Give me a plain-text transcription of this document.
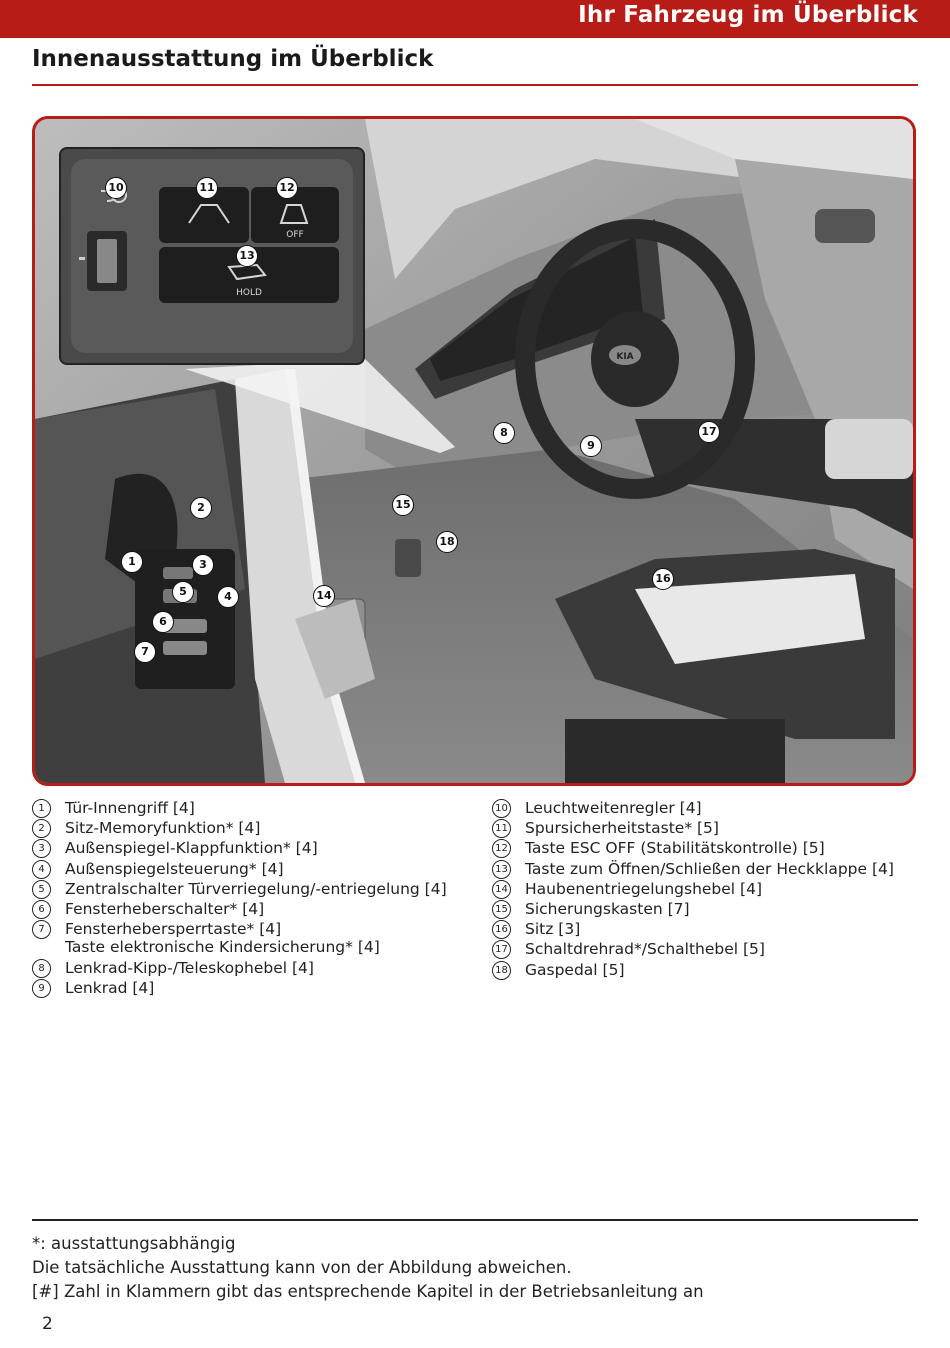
Ihr Fahrzeug im Überblick
Innenausstattung im Überblick
KIA
OFF
HOLD
10	11	12
13
8
9
17
2	15
18
1	3
16
5	4	14
6
7
1	Tür-Innengriff [4]
2	Sitz-Memoryfunktion* [4]
3	Außenspiegel-Klappfunktion* [4]
4	Außenspiegelsteuerung* [4]
5	Zentralschalter Türverriegelung/-entriegelung [4]
6	Fensterheberschalter* [4]
7	Fensterhebersperrtaste* [4]
Taste elektronische Kindersicherung* [4]
8	Lenkrad-Kipp-/Teleskophebel [4]
9	Lenkrad [4]
10 Leuchtweitenregler [4]
11 Spursicherheitstaste* [5]
12 Taste ESC OFF (Stabilitätskontrolle) [5]
13 Taste zum Öffnen/Schließen der Heckklappe [4]
14 Haubenentriegelungshebel [4]
15 Sicherungskasten [7]
16 Sitz [3]
17 Schaltdrehrad*/Schalthebel [5]
18 Gaspedal [5]
*: ausstattungsabhängig
Die tatsächliche Ausstattung kann von der Abbildung abweichen.
[#] Zahl in Klammern gibt das entsprechende Kapitel in der Betriebsanleitung an
2
